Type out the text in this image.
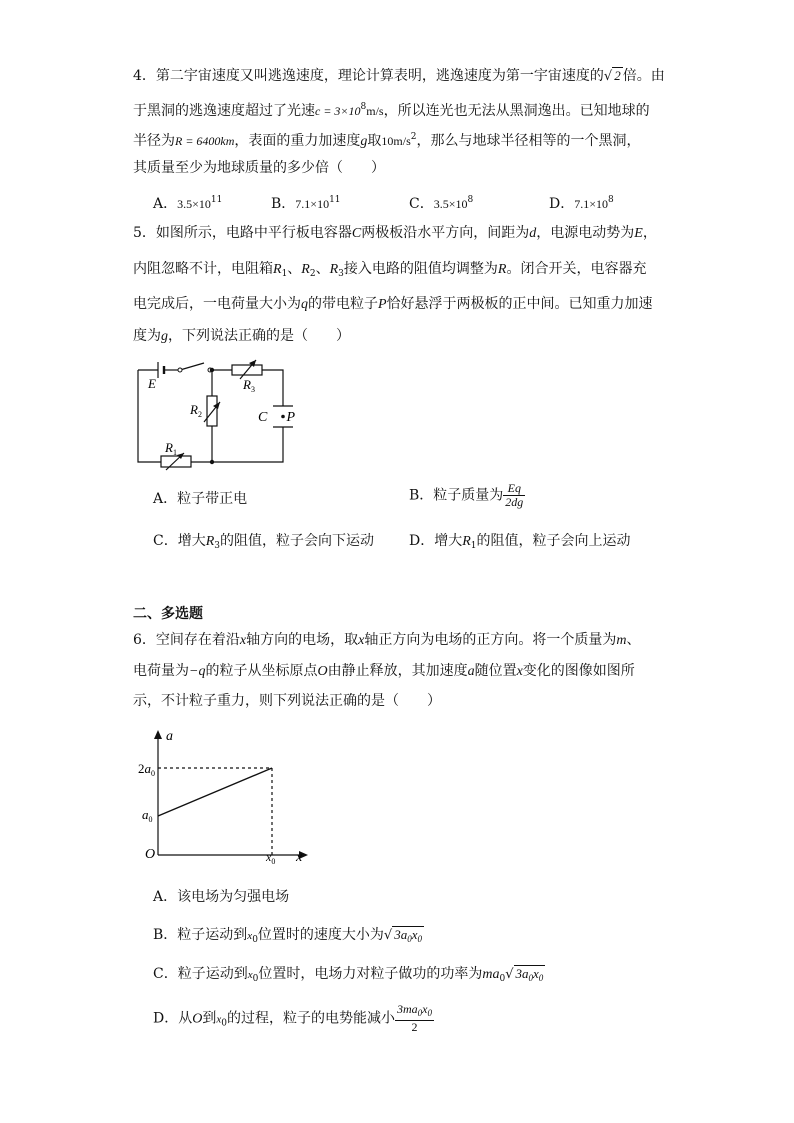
4．第二宇宙速度又叫逃逸速度，理论计算表明，逃逸速度为第一宇宙速度的√ 2 倍。由
于黑洞的逃逸速度超过了光速$c = 3\times 10^8m/s$，所以连光也无法从黑洞逸出。已知地球的
半径为R = 6400km，表面的重力加速度g取$10m/s^2$，那么与地球半径相等的一个黑洞，
其质量至少为地球质量的多少倍（　　）
A．$3.5\times 10^{11}$	B．$7.1\times 10^{11}$	C．$3.5\times 10^8$	D．$7.1\times 10^8$
5．如图所示，电路中平行板电容器C两极板沿水平方向，间距为d，电源电动势为E，
内阻忽略不计，电阻箱$R_1$、$R_2$、$R_3$接入电路的阻值均调整为R。闭合开关，电容器充
电完成后，一电荷量大小为q的带电粒子P恰好悬浮于两极板的正中间。已知重力加速
度为g，下列说法正确的是（　　）
E	$R_3$
$R_2$	C P
$R_1$
A．粒子带正电	B．粒子质量为 $\frac{Eq}{2dg}$
C．增大$R_3$的阻值，粒子会向下运动 D．增大$R_1$的阻值，粒子会向上运动
二、多选题
6．空间存在着沿x轴方向的电场，取x轴正方向为电场的正方向。将一个质量为m、
电荷量为−q的粒子从坐标原点O由静止释放，其加速度a随位置x变化的图像如图所
示，不计粒子重力，则下列说法正确的是（　　）
a
$2a_0$
$a_0$
O	$x_0$ x
A．该电场为匀强电场
B．粒子运动到$x_0$位置时的速度大小为√ $3a_0x_0$
C．粒子运动到$x_0$位置时，电场力对粒子做功的功率为$ma_0√$ $3a_0x_0$
D．从O到$x_0$的过程，粒子的电势能减小 $\frac{3ma_0x_0}{2}$
